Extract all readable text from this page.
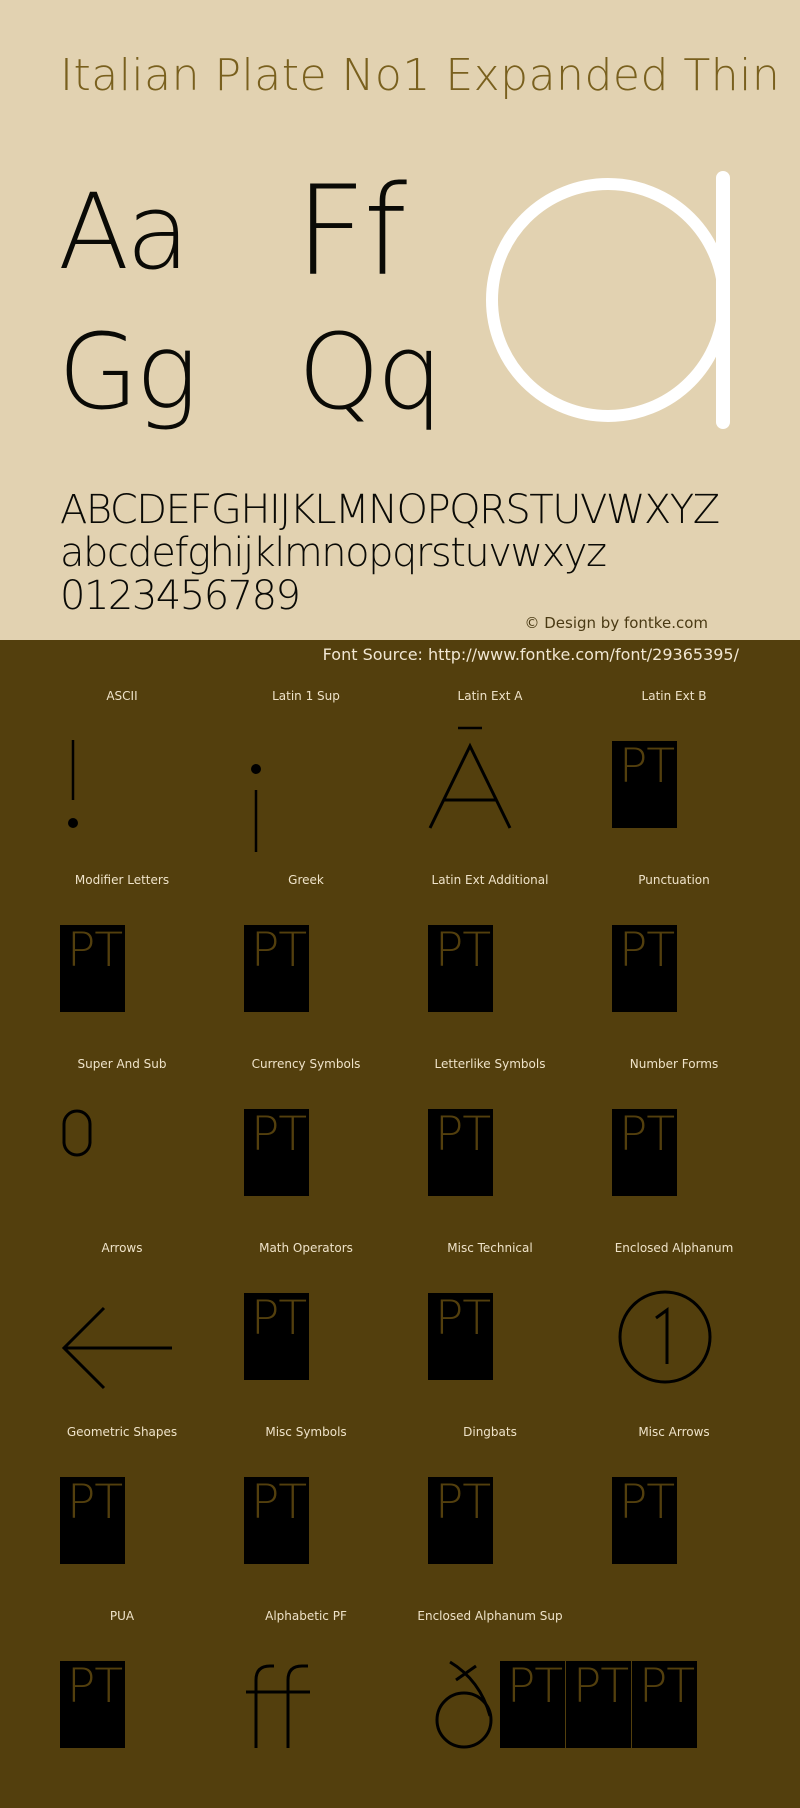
Italian Plate No1 Expanded Thin
Aa Ff
Gg Qq
ABCDEFGHIJKLMNOPQRSTUVWXYZ
abcdefghijklmnopqrstuvwxyz
0123456789
© Design by fontke.com
Font Source: http://www.fontke.com/font/29365395/
ASCII	Latin 1 Sup	Latin Ext A	Latin Ext B
PT
Modifier Letters	Greek	Latin Ext Additional	Punctuation
PT	PT	PT	PT
Super And Sub	Currency Symbols	Letterlike Symbols	Number Forms
PT	PT	PT
Arrows	Math Operators	Misc Technical	Enclosed Alphanum
PT	PT
Geometric Shapes	Misc Symbols	Dingbats	Misc Arrows
PT	PT	PT	PT
PUA	Alphabetic PF	Enclosed Alphanum Sup
PT	PT PT PT
